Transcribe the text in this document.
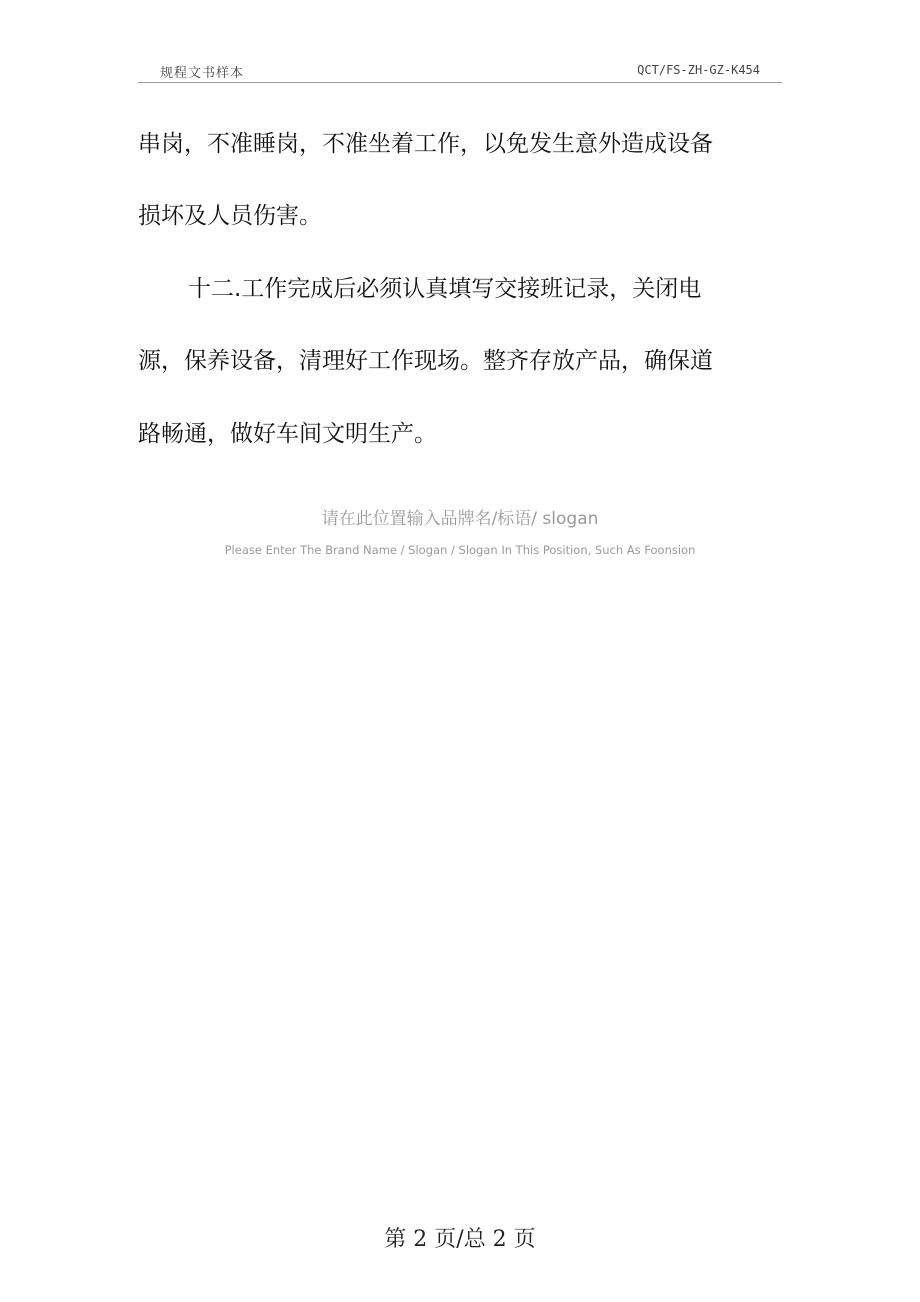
规程文书样本	QCT/FS-ZH-GZ-K454
串岗，不准睡岗，不准坐着工作，以免发生意外造成设备
损坏及人员伤害。
十二.工作完成后必须认真填写交接班记录，关闭电
源，保养设备，清理好工作现场。整齐存放产品，确保道
路畅通，做好车间文明生产。
请在此位置输入品牌名/标语/ slogan
Please Enter The Brand Name / Slogan / Slogan In This Position, Such As Foonsion
第 2 页/总 2 页
